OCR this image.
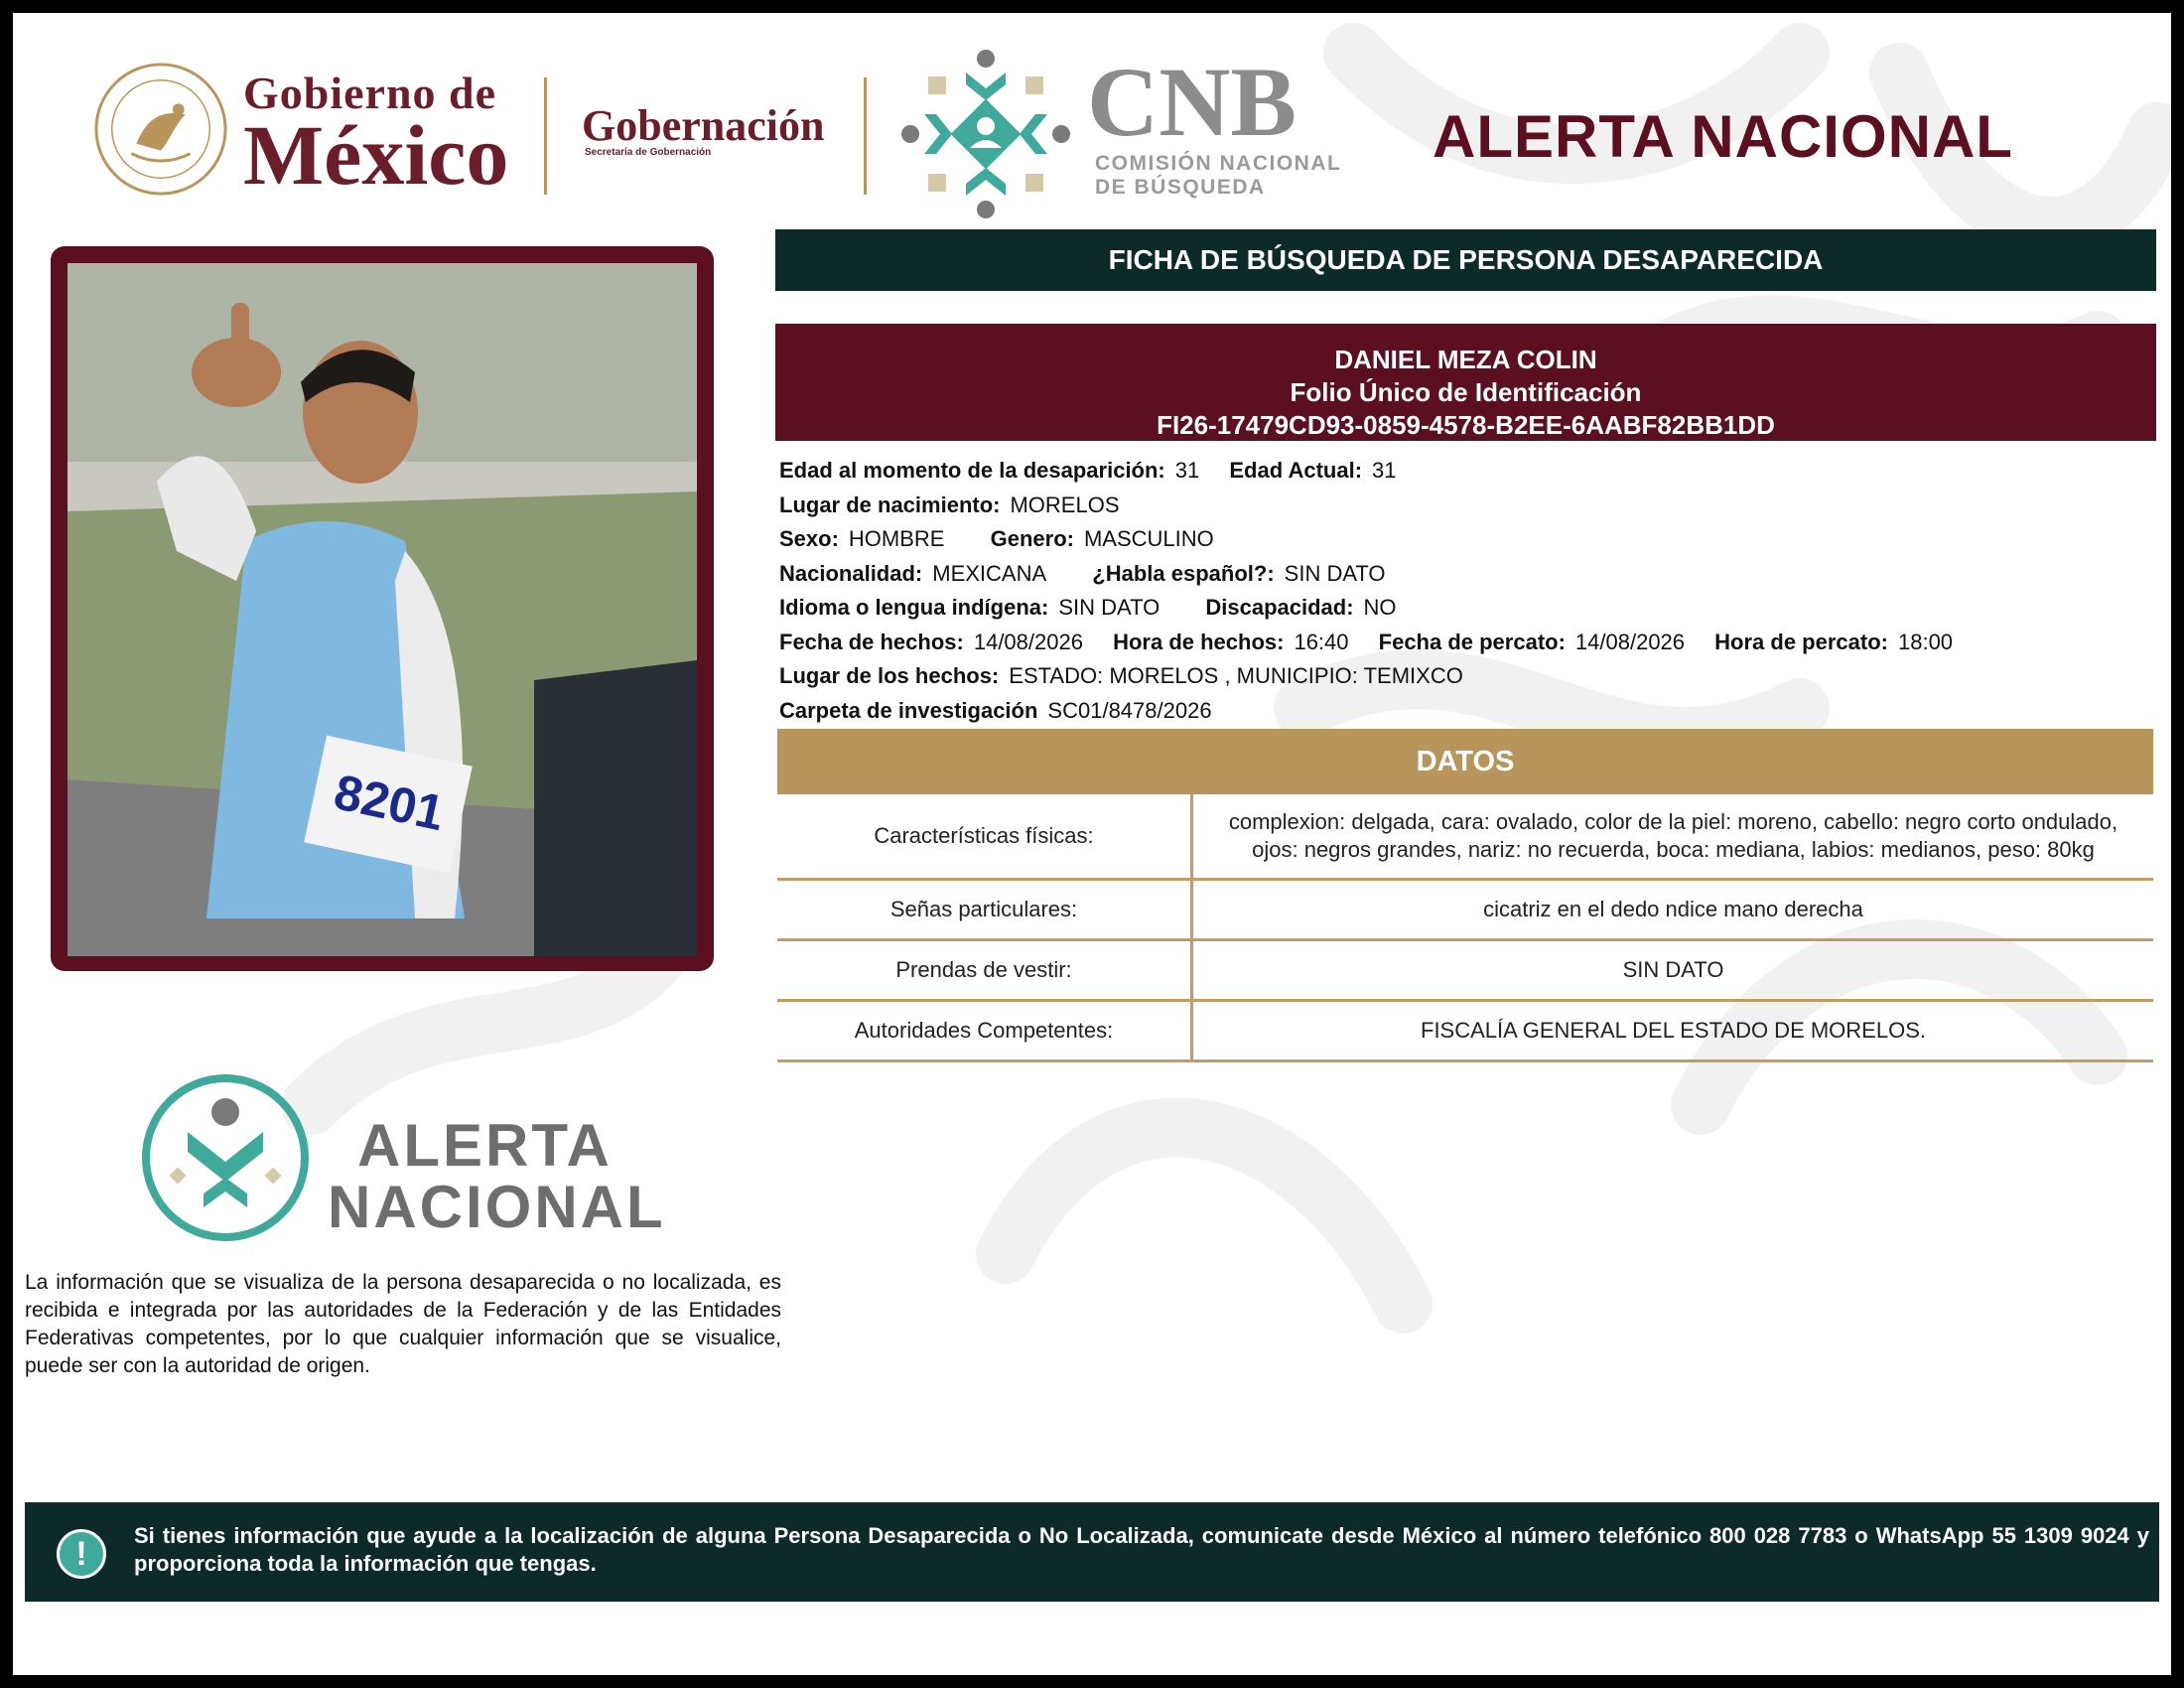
Gobierno de
México Gobernación
Secretaría de Gobernación	CNB
COMISIÓN NACIONAL
DE BÚSQUEDA
ALERTA NACIONAL
8201
FICHA DE BÚSQUEDA DE PERSONA DESAPARECIDA
DANIEL MEZA COLIN
Folio Único de Identificación
FI26-17479CD93-0859-4578-B2EE-6AABF82BB1DD
Edad al momento de la desaparición: 31 Edad Actual: 31
Lugar de nacimiento: MORELOS
Sexo: HOMBRE Genero: MASCULINO
Nacionalidad: MEXICANA ¿Habla español?: SIN DATO
Idioma o lengua indígena: SIN DATO Discapacidad: NO
Fecha de hechos: 14/08/2026 Hora de hechos: 16:40 Fecha de percato: 14/08/2026 Hora de percato: 18:00
Lugar de los hechos: ESTADO: MORELOS , MUNICIPIO: TEMIXCO
Carpeta de investigación SC01/8478/2026
DATOS
Características físicas:	complexion: delgada, cara: ovalado, color de la piel: moreno, cabello: negro corto ondulado,
ojos: negros grandes, nariz: no recuerda, boca: mediana, labios: medianos, peso: 80kg

Señas particulares:	cicatriz en el dedo ndice mano derecha
Prendas de vestir:	SIN DATO
Autoridades Competentes:	FISCALÍA GENERAL DEL ESTADO DE MORELOS.
ALERTA
NACIONAL
La información que se visualiza de la persona desaparecida o no localizada, es recibida e integrada por las autoridades de la Federación y de las Entidades Federativas competentes, por lo que cualquier información que se visualice, puede ser con la autoridad de origen.
!	Si tienes información que ayude a la localización de alguna Persona Desaparecida o No Localizada, comunicate desde México al número telefónico 800 028 7783 o WhatsApp 55 1309 9024 y proporciona toda la información que tengas.
